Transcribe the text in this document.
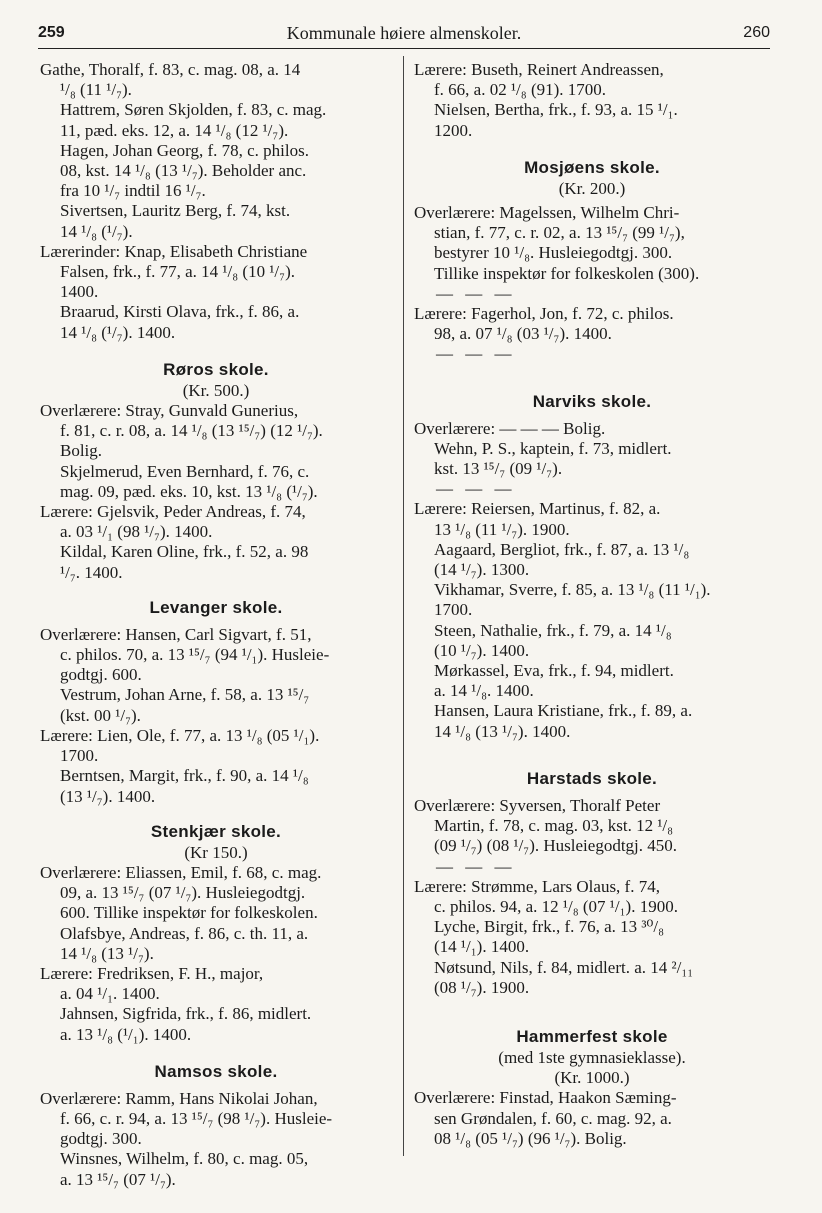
259	Kommunale høiere almenskoler.	260

Gathe, Thoralf, f. 83, c. mag. 08, a. 14
¹/₈ (11 ¹/₇).

Hattrem, Søren Skjolden, f. 83, c. mag.
11, pæd. eks. 12, a. 14 ¹/₈ (12 ¹/₇).

Hagen, Johan Georg, f. 78, c. philos.
08, kst. 14 ¹/₈ (13 ¹/₇). Beholder anc.
fra 10 ¹/₇ indtil 16 ¹/₇.

Sivertsen, Lauritz Berg, f. 74, kst.
14 ¹/₈ (¹/₇).

Lærerinder: Knap, Elisabeth Christiane
Falsen, frk., f. 77, a. 14 ¹/₈ (10 ¹/₇).
1400.

Braarud, Kirsti Olava, frk., f. 86, a.
14 ¹/₈ (¹/₇). 1400.

Røros skole.

(Kr. 500.)

Overlærere: Stray, Gunvald Gunerius,
f. 81, c. r. 08, a. 14 ¹/₈ (13 ¹⁵/₇) (12 ¹/₇).
Bolig.

Skjelmerud, Even Bernhard, f. 76, c.
mag. 09, pæd. eks. 10, kst. 13 ¹/₈ (¹/₇).

Lærere: Gjelsvik, Peder Andreas, f. 74,
a. 03 ¹/₁ (98 ¹/₇). 1400.

Kildal, Karen Oline, frk., f. 52, a. 98
¹/₇. 1400.

Levanger skole.

Overlærere: Hansen, Carl Sigvart, f. 51,
c. philos. 70, a. 13 ¹⁵/₇ (94 ¹/₁). Husleie-
godtgj. 600.

Vestrum, Johan Arne, f. 58, a. 13 ¹⁵/₇
(kst. 00 ¹/₇).

Lærere: Lien, Ole, f. 77, a. 13 ¹/₈ (05 ¹/₁).
1700.

Berntsen, Margit, frk., f. 90, a. 14 ¹/₈
(13 ¹/₇). 1400.

Stenkjær skole.

(Kr 150.)

Overlærere: Eliassen, Emil, f. 68, c. mag.
09, a. 13 ¹⁵/₇ (07 ¹/₇). Husleiegodtgj.
600. Tillike inspektør for folkeskolen.

Olafsbye, Andreas, f. 86, c. th. 11, a.
14 ¹/₈ (13 ¹/₇).

Lærere: Fredriksen, F. H., major,
a. 04 ¹/₁. 1400.

Jahnsen, Sigfrida, frk., f. 86, midlert.
a. 13 ¹/₈ (¹/₁). 1400.

Namsos skole.

Overlærere: Ramm, Hans Nikolai Johan,
f. 66, c. r. 94, a. 13 ¹⁵/₇ (98 ¹/₇). Husleie-
godtgj. 300.

Winsnes, Wilhelm, f. 80, c. mag. 05,
a. 13 ¹⁵/₇ (07 ¹/₇).

Lærere: Buseth, Reinert Andreassen,
f. 66, a. 02 ¹/₈ (91). 1700.

Nielsen, Bertha, frk., f. 93, a. 15 ¹/₁.
1200.

Mosjøens skole.

(Kr. 200.)

Overlærere: Magelssen, Wilhelm Chri-
stian, f. 77, c. r. 02, a. 13 ¹⁵/₇ (99 ¹/₇),
bestyrer 10 ¹/₈. Husleiegodtgj. 300.
Tillike inspektør for folkeskolen (300).

— — —

Lærere: Fagerhol, Jon, f. 72, c. philos.
98, a. 07 ¹/₈ (03 ¹/₇). 1400.

— — —

Narviks skole.

Overlærere: — — — Bolig.

Wehn, P. S., kaptein, f. 73, midlert.
kst. 13 ¹⁵/₇ (09 ¹/₇).

— — —

Lærere: Reiersen, Martinus, f. 82, a.
13 ¹/₈ (11 ¹/₇). 1900.

Aagaard, Bergliot, frk., f. 87, a. 13 ¹/₈
(14 ¹/₇). 1300.

Vikhamar, Sverre, f. 85, a. 13 ¹/₈ (11 ¹/₁).
1700.

Steen, Nathalie, frk., f. 79, a. 14 ¹/₈
(10 ¹/₇). 1400.

Mørkassel, Eva, frk., f. 94, midlert.
a. 14 ¹/₈. 1400.

Hansen, Laura Kristiane, frk., f. 89, a.
14 ¹/₈ (13 ¹/₇). 1400.

Harstads skole.

Overlærere: Syversen, Thoralf Peter
Martin, f. 78, c. mag. 03, kst. 12 ¹/₈
(09 ¹/₇) (08 ¹/₇). Husleiegodtgj. 450.

— — —

Lærere: Strømme, Lars Olaus, f. 74,
c. philos. 94, a. 12 ¹/₈ (07 ¹/₁). 1900.

Lyche, Birgit, frk., f. 76, a. 13 ³⁰/₈
(14 ¹/₁). 1400.

Nøtsund, Nils, f. 84, midlert. a. 14 ²/₁₁
(08 ¹/₇). 1900.

Hammerfest skole

(med 1ste gymnasieklasse).

(Kr. 1000.)

Overlærere: Finstad, Haakon Sæming-
sen Grøndalen, f. 60, c. mag. 92, a.
08 ¹/₈ (05 ¹/₇) (96 ¹/₇). Bolig.
